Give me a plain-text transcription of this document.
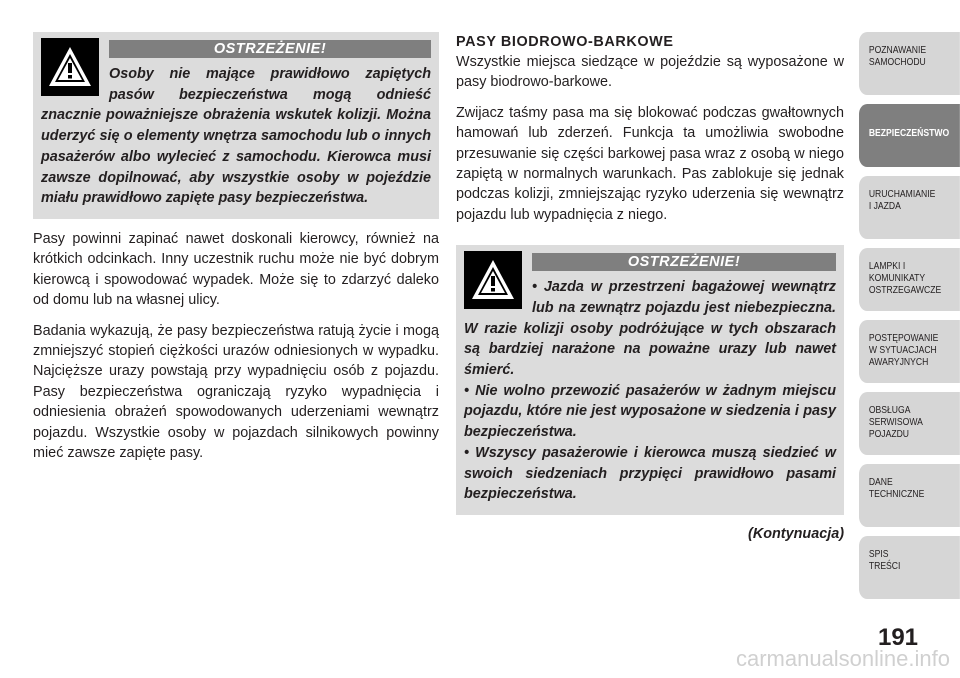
OSTRZEŻENIE!

Osoby nie mające prawidłowo zapiętych pasów bezpieczeństwa mogą odnieść znacznie poważniejsze obrażenia wskutek kolizji. Można uderzyć się o elementy wnętrza samochodu lub o innych pasażerów albo wylecieć z samochodu. Kierowca musi zawsze dopilnować, aby wszystkie osoby w pojeździe miału prawidłowo zapięte pasy bezpieczeństwa.

Pasy powinni zapinać nawet doskonali kierowcy, również na krótkich odcinkach. Inny uczestnik ruchu może nie być dobrym kierowcą i spowodować wypadek. Może się to zdarzyć daleko od domu lub na własnej ulicy.

Badania wykazują, że pasy bezpieczeństwa ratują życie i mogą zmniejszyć stopień ciężkości urazów odniesionych w wypadku. Najcięższe urazy powstają przy wypadnięciu osób z pojazdu. Pasy bezpieczeństwa ograniczają ryzyko wypadnięcia i odniesienia obrażeń spowodowanych uderzeniami wewnątrz pojazdu. Wszystkie osoby w pojazdach silnikowych powinny mieć zawsze zapięte pasy.

PASY BIODROWO-BARKOWE

Wszystkie miejsca siedzące w pojeździe są wyposażone w pasy biodrowo-barkowe.

Zwijacz taśmy pasa ma się blokować podczas gwałtownych hamowań lub zderzeń. Funkcja ta umożliwia swobodne przesuwanie się części barkowej pasa wraz z osobą w niego zapiętą w normalnych warunkach. Pas zablokuje się jednak podczas kolizji, zmniejszając ryzyko uderzenia się wewnątrz pojazdu lub wypadnięcia z niego.

OSTRZEŻENIE!

• Jazda w przestrzeni bagażowej wewnątrz lub na zewnątrz pojazdu jest niebezpieczna. W razie kolizji osoby podróżujące w tych obszarach są bardziej narażone na poważne urazy lub nawet śmierć.

• Nie wolno przewozić pasażerów w żadnym miejscu pojazdu, które nie jest wyposażone w siedzenia i pasy bezpieczeństwa.

• Wszyscy pasażerowie i kierowca muszą siedzieć w swoich siedzeniach przypięci prawidłowo pasami bezpieczeństwa.

(Kontynuacja)
POZNAWANIE
SAMOCHODU
BEZPIECZEŃSTWO
URUCHAMIANIE
I JAZDA
LAMPKI I
KOMUNIKATY
OSTRZEGAWCZE
POSTĘPOWANIE
W SYTUACJACH
AWARYJNYCH
OBSŁUGA
SERWISOWA
POJAZDU
DANE
TECHNICZNE
SPIS
TREŚCI
191
carmanualsonline.info
